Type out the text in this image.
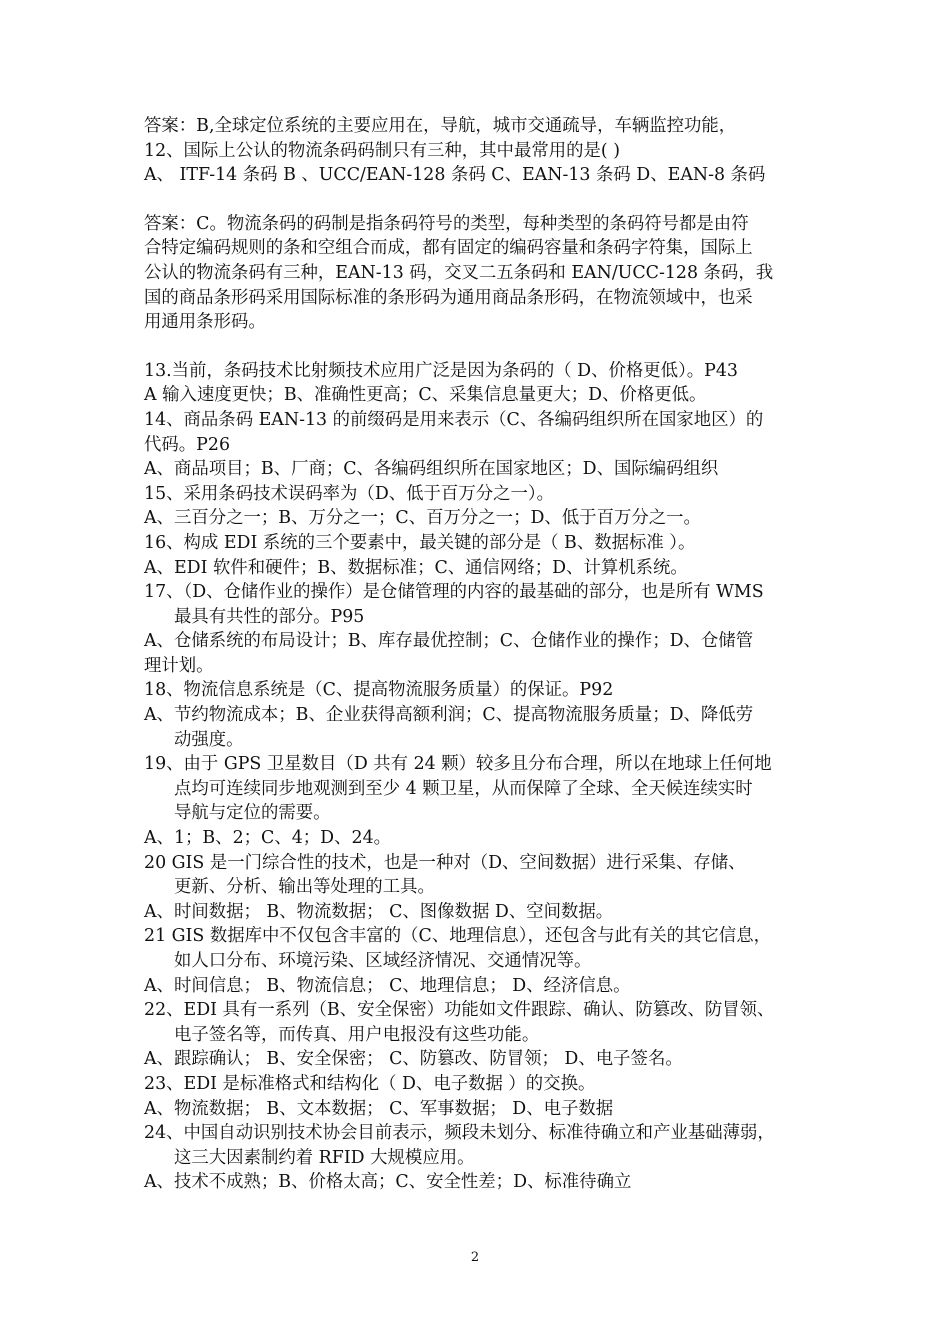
答案：B,全球定位系统的主要应用在，导航，城市交通疏导，车辆监控功能，
12、国际上公认的物流条码码制只有三种，其中最常用的是( )
A、 ITF-14 条码 B 、UCC/EAN-128 条码 C、EAN-13 条码 D、EAN-8 条码
答案：C。物流条码的码制是指条码符号的类型，每种类型的条码符号都是由符
合特定编码规则的条和空组合而成，都有固定的编码容量和条码字符集，国际上
公认的物流条码有三种，EAN-13 码，交叉二五条码和 EAN/UCC-128 条码，我
国的商品条形码采用国际标准的条形码为通用商品条形码，在物流领域中，也采
用通用条形码。
13.当前，条码技术比射频技术应用广泛是因为条码的（ D、价格更低）。P43
A 输入速度更快；B、准确性更高；C、采集信息量更大；D、价格更低。
14、商品条码 EAN-13 的前缀码是用来表示（C、各编码组织所在国家地区）的
代码。P26
A、商品项目；B、厂商；C、各编码组织所在国家地区；D、国际编码组织
15、采用条码技术误码率为（D、低于百万分之一）。
A、三百分之一；B、万分之一；C、百万分之一；D、低于百万分之一。
16、构成 EDI 系统的三个要素中，最关键的部分是（ B、数据标准 ）。
A、EDI 软件和硬件；B、数据标准；C、通信网络；D、计算机系统。
17、（D、仓储作业的操作）是仓储管理的内容的最基础的部分，也是所有 WMS
最具有共性的部分。P95
A、仓储系统的布局设计；B、库存最优控制；C、仓储作业的操作；D、仓储管
理计划。
18、物流信息系统是（C、提高物流服务质量）的保证。P92
A、节约物流成本；B、企业获得高额利润；C、提高物流服务质量；D、降低劳
动强度。
19、由于 GPS 卫星数目（D 共有 24 颗）较多且分布合理，所以在地球上任何地
点均可连续同步地观测到至少 4 颗卫星，从而保障了全球、全天候连续实时
导航与定位的需要。
A、1；B、2；C、4；D、24。
20 GIS 是一门综合性的技术，也是一种对（D、空间数据）进行采集、存储、
更新、分析、输出等处理的工具。
A、时间数据； B、物流数据； C、图像数据 D、空间数据。
21 GIS 数据库中不仅包含丰富的（C、地理信息），还包含与此有关的其它信息，
如人口分布、环境污染、区域经济情况、交通情况等。
A、时间信息； B、物流信息； C、地理信息； D、经济信息。
22、EDI 具有一系列（B、安全保密）功能如文件跟踪、确认、防篡改、防冒领、
电子签名等，而传真、用户电报没有这些功能。
A、跟踪确认； B、安全保密； C、防篡改、防冒领； D、电子签名。
23、EDI 是标准格式和结构化（ D、电子数据 ）的交换。
A、物流数据； B、文本数据； C、军事数据； D、电子数据
24、中国自动识别技术协会目前表示，频段未划分、标准待确立和产业基础薄弱，
这三大因素制约着 RFID 大规模应用。
A、技术不成熟；B、价格太高；C、安全性差；D、标准待确立
2
